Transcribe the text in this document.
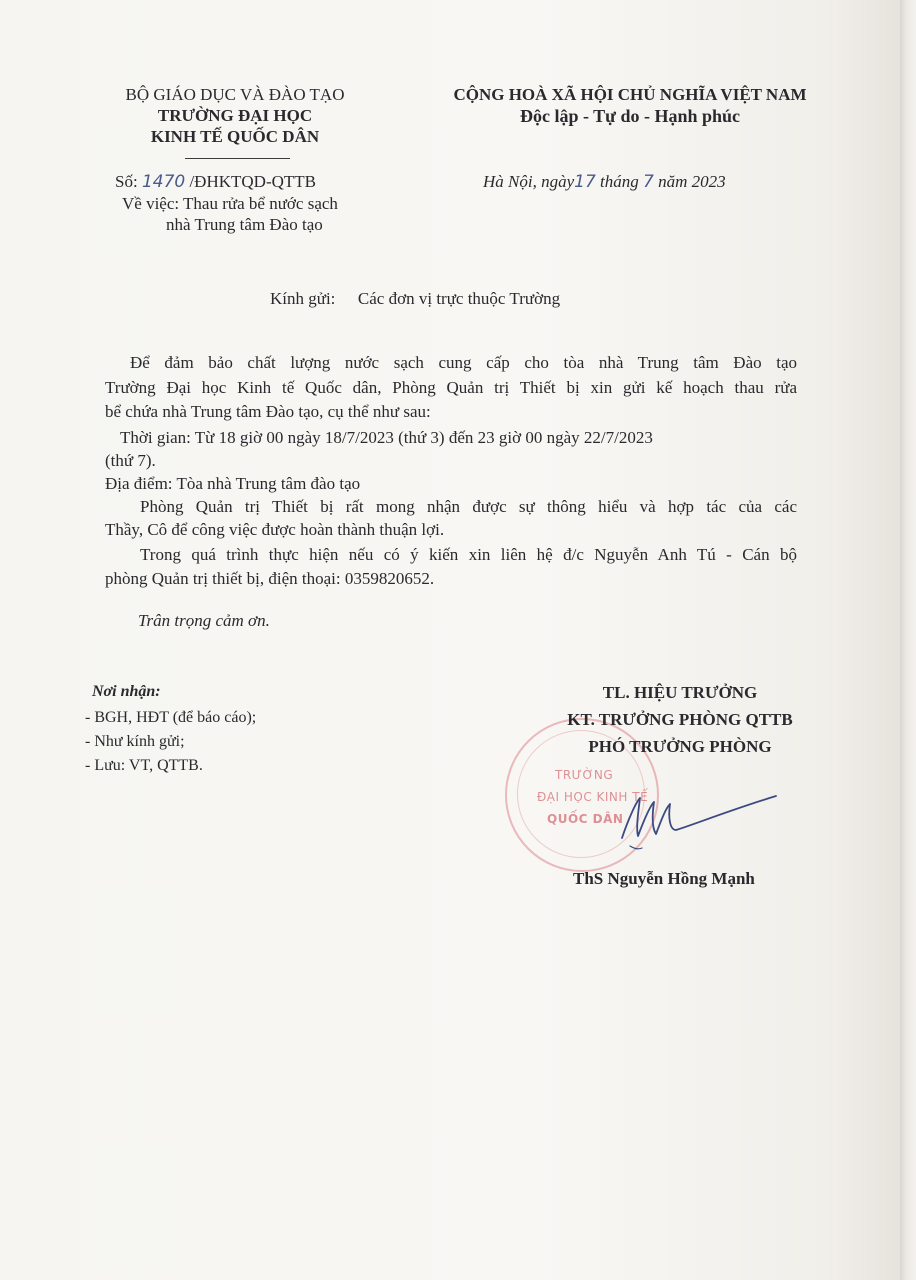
BỘ GIÁO DỤC VÀ ĐÀO TẠO
TRƯỜNG ĐẠI HỌC
KINH TẾ QUỐC DÂN
Số: 1470 /ĐHKTQD-QTTB
Về việc: Thau rửa bể nước sạch
nhà Trung tâm Đào tạo
CỘNG HOÀ XÃ HỘI CHỦ NGHĨA VIỆT NAM
Độc lập - Tự do - Hạnh phúc
Hà Nội, ngày17 tháng 7 năm 2023
Kính gửi: Các đơn vị trực thuộc Trường
Để đảm bảo chất lượng nước sạch cung cấp cho tòa nhà Trung tâm Đào tạo
Trường Đại học Kinh tế Quốc dân, Phòng Quản trị Thiết bị xin gửi kế hoạch thau rửa
bể chứa nhà Trung tâm Đào tạo, cụ thể như sau:
Thời gian: Từ 18 giờ 00 ngày 18/7/2023 (thứ 3) đến 23 giờ 00 ngày 22/7/2023
(thứ 7).
Địa điểm: Tòa nhà Trung tâm đào tạo
Phòng Quản trị Thiết bị rất mong nhận được sự thông hiểu và hợp tác của các
Thầy, Cô để công việc được hoàn thành thuận lợi.
Trong quá trình thực hiện nếu có ý kiến xin liên hệ đ/c Nguyễn Anh Tú - Cán bộ
phòng Quản trị thiết bị, điện thoại: 0359820652.
Trân trọng cảm ơn.
Nơi nhận:
- BGH, HĐT (để báo cáo);
- Như kính gửi;
- Lưu: VT, QTTB.
TRƯỜNG
ĐẠI HỌC KINH TẾ
QUỐC DÂN
TL. HIỆU TRƯỞNG
KT. TRƯỞNG PHÒNG QTTB
PHÓ TRƯỞNG PHÒNG
ThS Nguyễn Hồng Mạnh
